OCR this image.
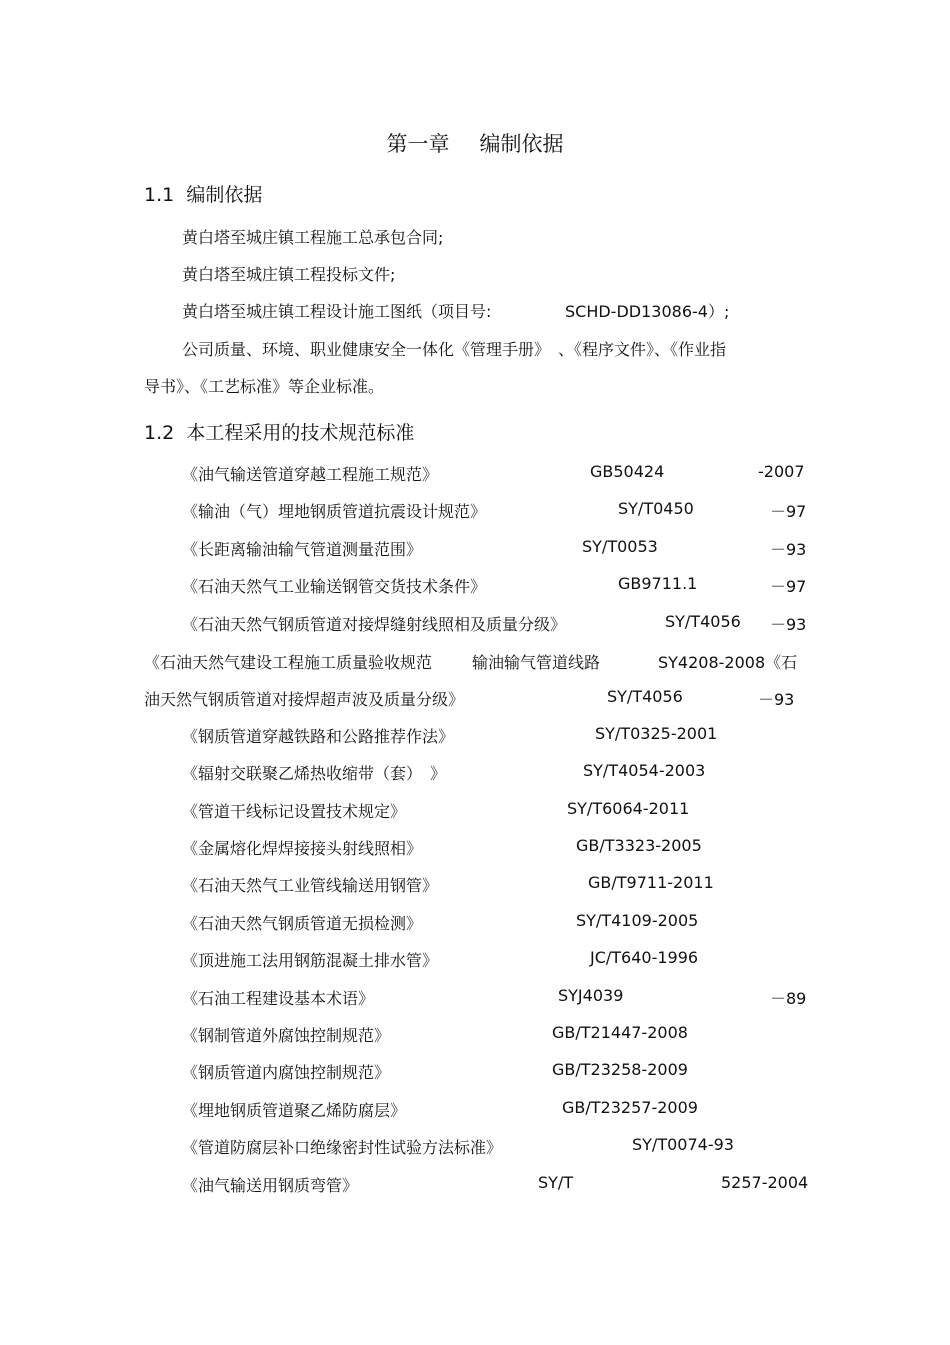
第一章 编制依据
1.1 编制依据
黄白塔至城庄镇工程施工总承包合同;
黄白塔至城庄镇工程投标文件;
黄白塔至城庄镇工程设计施工图纸（项目号:	SCHD-DD13086-4）;
公司质量、环境、职业健康安全一体化《管理手册》　、《程序文件》、《作业指
导书》、《工艺标准》等企业标准。
1.2 本工程采用的技术规范标准
《油气输送管道穿越工程施工规范》	GB50424	-2007
《输油（气）埋地钢质管道抗震设计规范》	SY/T0450	－97
《长距离输油输气管道测量范围》	SY/T0053	－93
《石油天然气工业输送钢管交货技术条件》	GB9711.1	－97
《石油天然气钢质管道对接焊缝射线照相及质量分级》	SY/T4056 －93
《石油天然气建设工程施工质量验收规范 输油输气管道线路	SY4208-2008《石
油天然气钢质管道对接焊超声波及质量分级》	SY/T4056	－93
《钢质管道穿越铁路和公路推荐作法》	SY/T0325-2001
《辐射交联聚乙烯热收缩带（套）　》	SY/T4054-2003
《管道干线标记设置技术规定》	SY/T6064-2011
《金属熔化焊焊接接头射线照相》	GB/T3323-2005
《石油天然气工业管线输送用钢管》	GB/T9711-2011
《石油天然气钢质管道无损检测》	SY/T4109-2005
《顶进施工法用钢筋混凝土排水管》	JC/T640-1996
《石油工程建设基本术语》	SYJ4039	－89
《钢制管道外腐蚀控制规范》	GB/T21447-2008
《钢质管道内腐蚀控制规范》	GB/T23258-2009
《埋地钢质管道聚乙烯防腐层》	GB/T23257-2009
《管道防腐层补口绝缘密封性试验方法标准》	SY/T0074-93
《油气输送用钢质弯管》	SY/T	5257-2004
